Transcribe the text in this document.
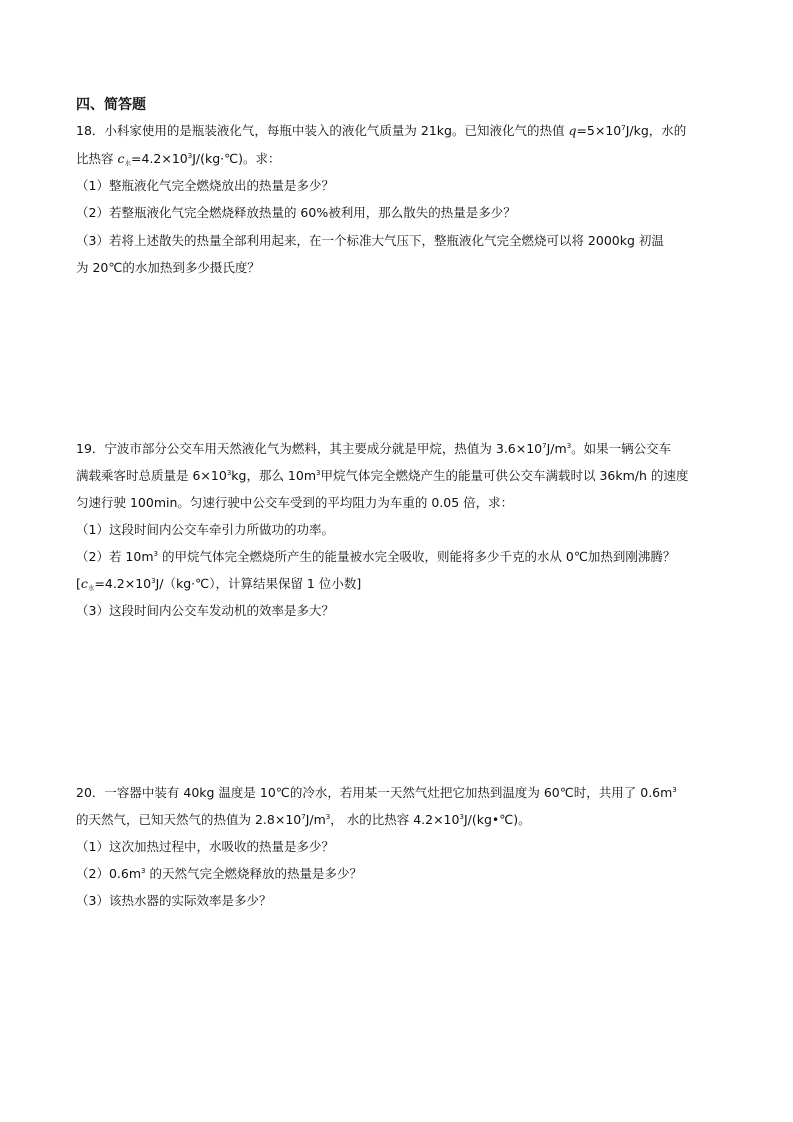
四、简答题
18．小科家使用的是瓶装液化气，每瓶中装入的液化气质量为 21kg。已知液化气的热值 $q=5\times 10^7J/kg$，水的
比热容 $c_水=4.2\times 10^3J/(kg\cdot℃)$。求：
（1）整瓶液化气完全燃烧放出的热量是多少？
（2）若整瓶液化气完全燃烧释放热量的 60%被利用，那么散失的热量是多少？
（3）若将上述散失的热量全部利用起来，在一个标准大气压下，整瓶液化气完全燃烧可以将 2000kg 初温
为 20℃的水加热到多少摄氏度？
19．宁波市部分公交车用天然液化气为燃料，其主要成分就是甲烷，热值为 $3.6\times 10^7J/m^3$。如果一辆公交车
满载乘客时总质量是 $6\times 10^3kg$，那么 $10m^3$甲烷气体完全燃烧产生的能量可供公交车满载时以 36km/h 的速度
匀速行驶 100min。匀速行驶中公交车受到的平均阻力为车重的 0.05 倍，求：
（1）这段时间内公交车牵引力所做功的功率。
（2）若 $10m^3$ 的甲烷气体完全燃烧所产生的能量被水完全吸收，则能将多少千克的水从 0℃加热到刚沸腾？
[$c_水=4.2\times 10^3J/(kg\cdot℃)$，计算结果保留 1 位小数]
（3）这段时间内公交车发动机的效率是多大？
20．一容器中装有 40kg 温度是 10℃的冷水，若用某一天然气灶把它加热到温度为 60℃时，共用了 $0.6m^3$
的天然气，已知天然气的热值为 $2.8\times 10^7J/m^3$， 水的比热容 $4.2\times 10^3J/(kg•℃)$。
（1）这次加热过程中，水吸收的热量是多少？
$(2)0.6m^3$ 的天然气完全燃烧释放的热量是多少？
（3）该热水器的实际效率是多少？
